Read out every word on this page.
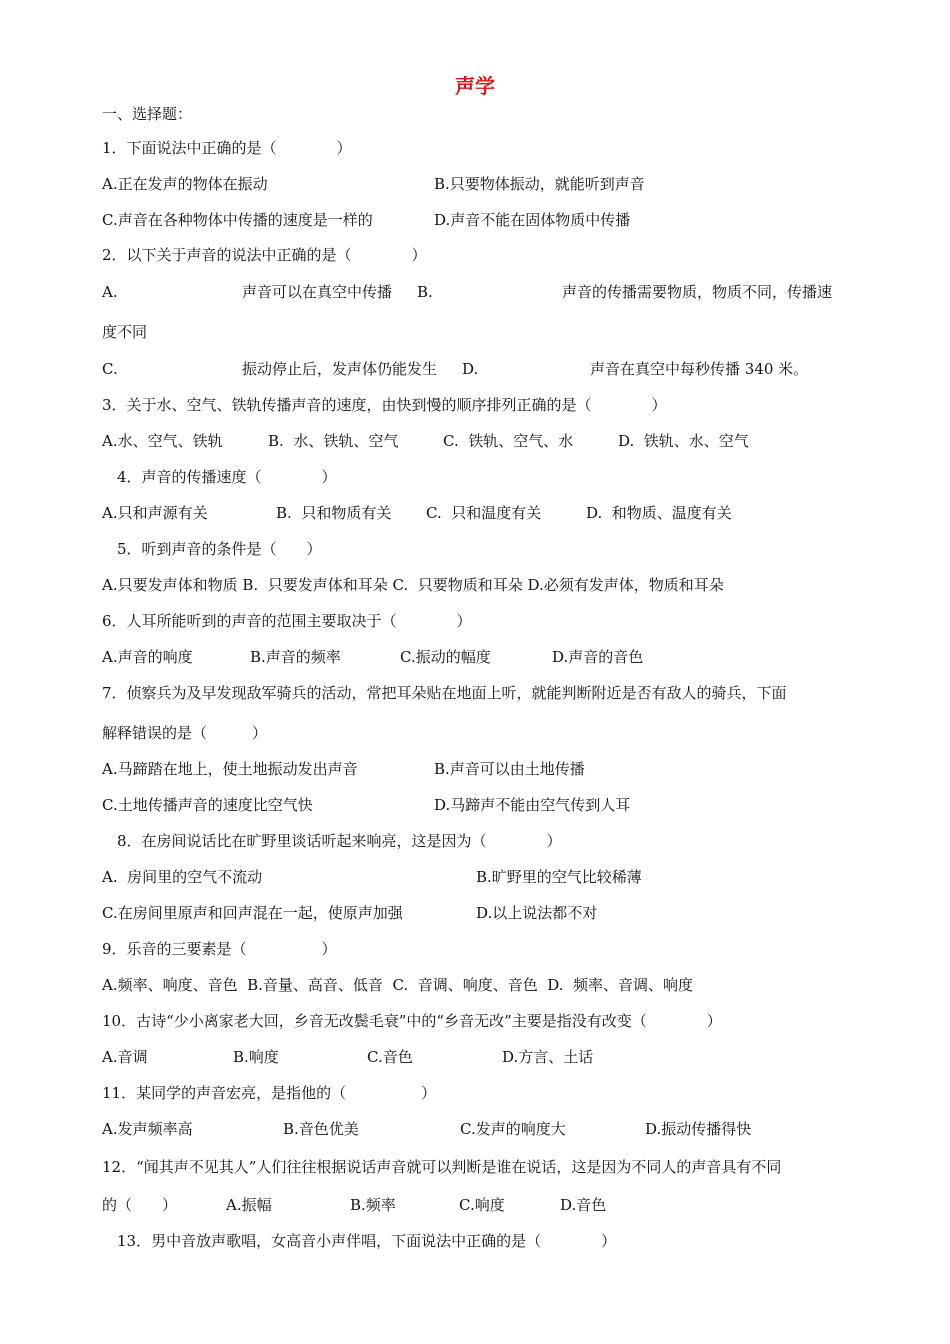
声学
一、选择题：
1．下面说法中正确的是（　　　　）
A.正在发声的物体在振动	B.只要物体振动，就能听到声音
C.声音在各种物体中传播的速度是一样的	D.声音不能在固体物质中传播
2．以下关于声音的说法中正确的是（　　　　）
A.	声音可以在真空中传播 B.	声音的传播需要物质，物质不同，传播速
度不同
C.	振动停止后，发声体仍能发生 D.	声音在真空中每秒传播 340 米。
3．关于水、空气、铁轨传播声音的速度，由快到慢的顺序排列正确的是（　　　　）
A.水、空气、铁轨	B.  水、铁轨、空气	C.  铁轨、空气、水	D.  铁轨、水、空气
4．声音的传播速度（　　　　）
A.只和声源有关	B.  只和物质有关 C.  只和温度有关	D.  和物质、温度有关
5．听到声音的条件是（　　）
A.只要发声体和物质 B.  只要发声体和耳朵 C.  只要物质和耳朵 D.必须有发声体，物质和耳朵
6．人耳所能听到的声音的范围主要取决于（　　　　）
A.声音的响度	B.声音的频率	C.振动的幅度	D.声音的音色
7．侦察兵为及早发现敌军骑兵的活动，常把耳朵贴在地面上听，就能判断附近是否有敌人的骑兵，下面
解释错误的是（　　　）
A.马蹄踏在地上，使土地振动发出声音	B.声音可以由土地传播
C.土地传播声音的速度比空气快	D.马蹄声不能由空气传到人耳
8．在房间说话比在旷野里谈话听起来响亮，这是因为（　　　　）
A.  房间里的空气不流动	B.旷野里的空气比较稀薄
C.在房间里原声和回声混在一起，使原声加强	D.以上说法都不对
9．乐音的三要素是（　　　　　）
A.频率、响度、音色  B.音量、高音、低音  C.  音调、响度、音色  D.  频率、音调、响度
10．古诗“少小离家老大回，乡音无改鬓毛衰”中的“乡音无改”主要是指没有改变（　　　　）
A.音调	B.响度	C.音色	D.方言、土话
11．某同学的声音宏亮，是指他的（　　　　　）
A.发声频率高	B.音色优美	C.发声的响度大	D.振动传播得快
12．“闻其声不见其人”人们往往根据说话声音就可以判断是谁在说话，这是因为不同人的声音具有不同
的（　　）	A.振幅	B.频率	C.响度	D.音色
13．男中音放声歌唱，女高音小声伴唱，下面说法中正确的是（　　　　）
